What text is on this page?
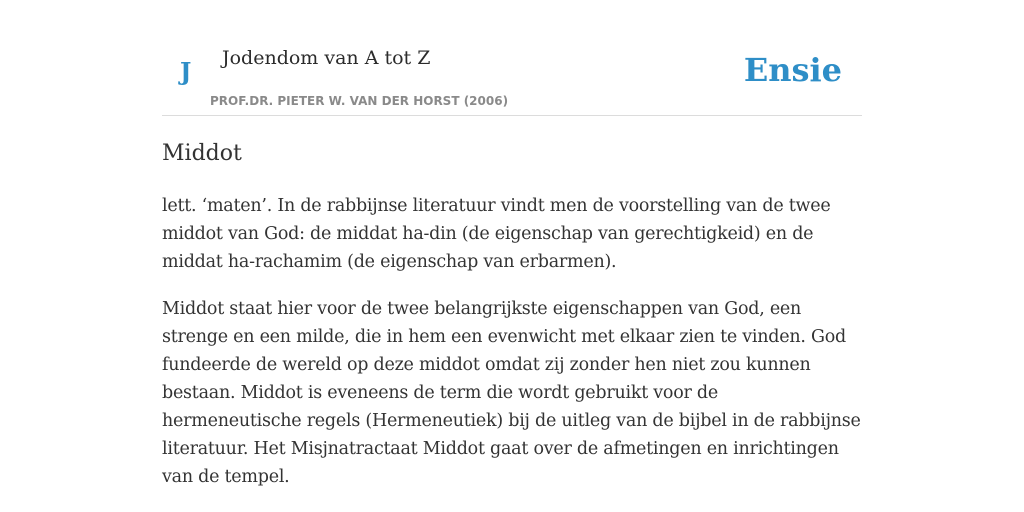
J Jodendom van A tot Z
PROF.DR. PIETER W. VAN DER HORST (2006)
Ensie
Middot

lett. ‘maten’. In de rabbijnse literatuur vindt men de voorstelling van de twee middot van God: de middat ha-din (de eigenschap van gerechtigkeid) en de middat ha-rachamim (de eigenschap van erbarmen).

Middot staat hier voor de twee belangrijkste eigenschappen van God, een strenge en een milde, die in hem een evenwicht met elkaar zien te vinden. God fundeerde de wereld op deze middot omdat zij zonder hen niet zou kunnen bestaan. Middot is eveneens de term die wordt gebruikt voor de hermeneutische regels (Hermeneutiek) bij de uitleg van de bijbel in de rabbijnse literatuur. Het Misjnatractaat Middot gaat over de afmetingen en inrichtingen van de tempel.
